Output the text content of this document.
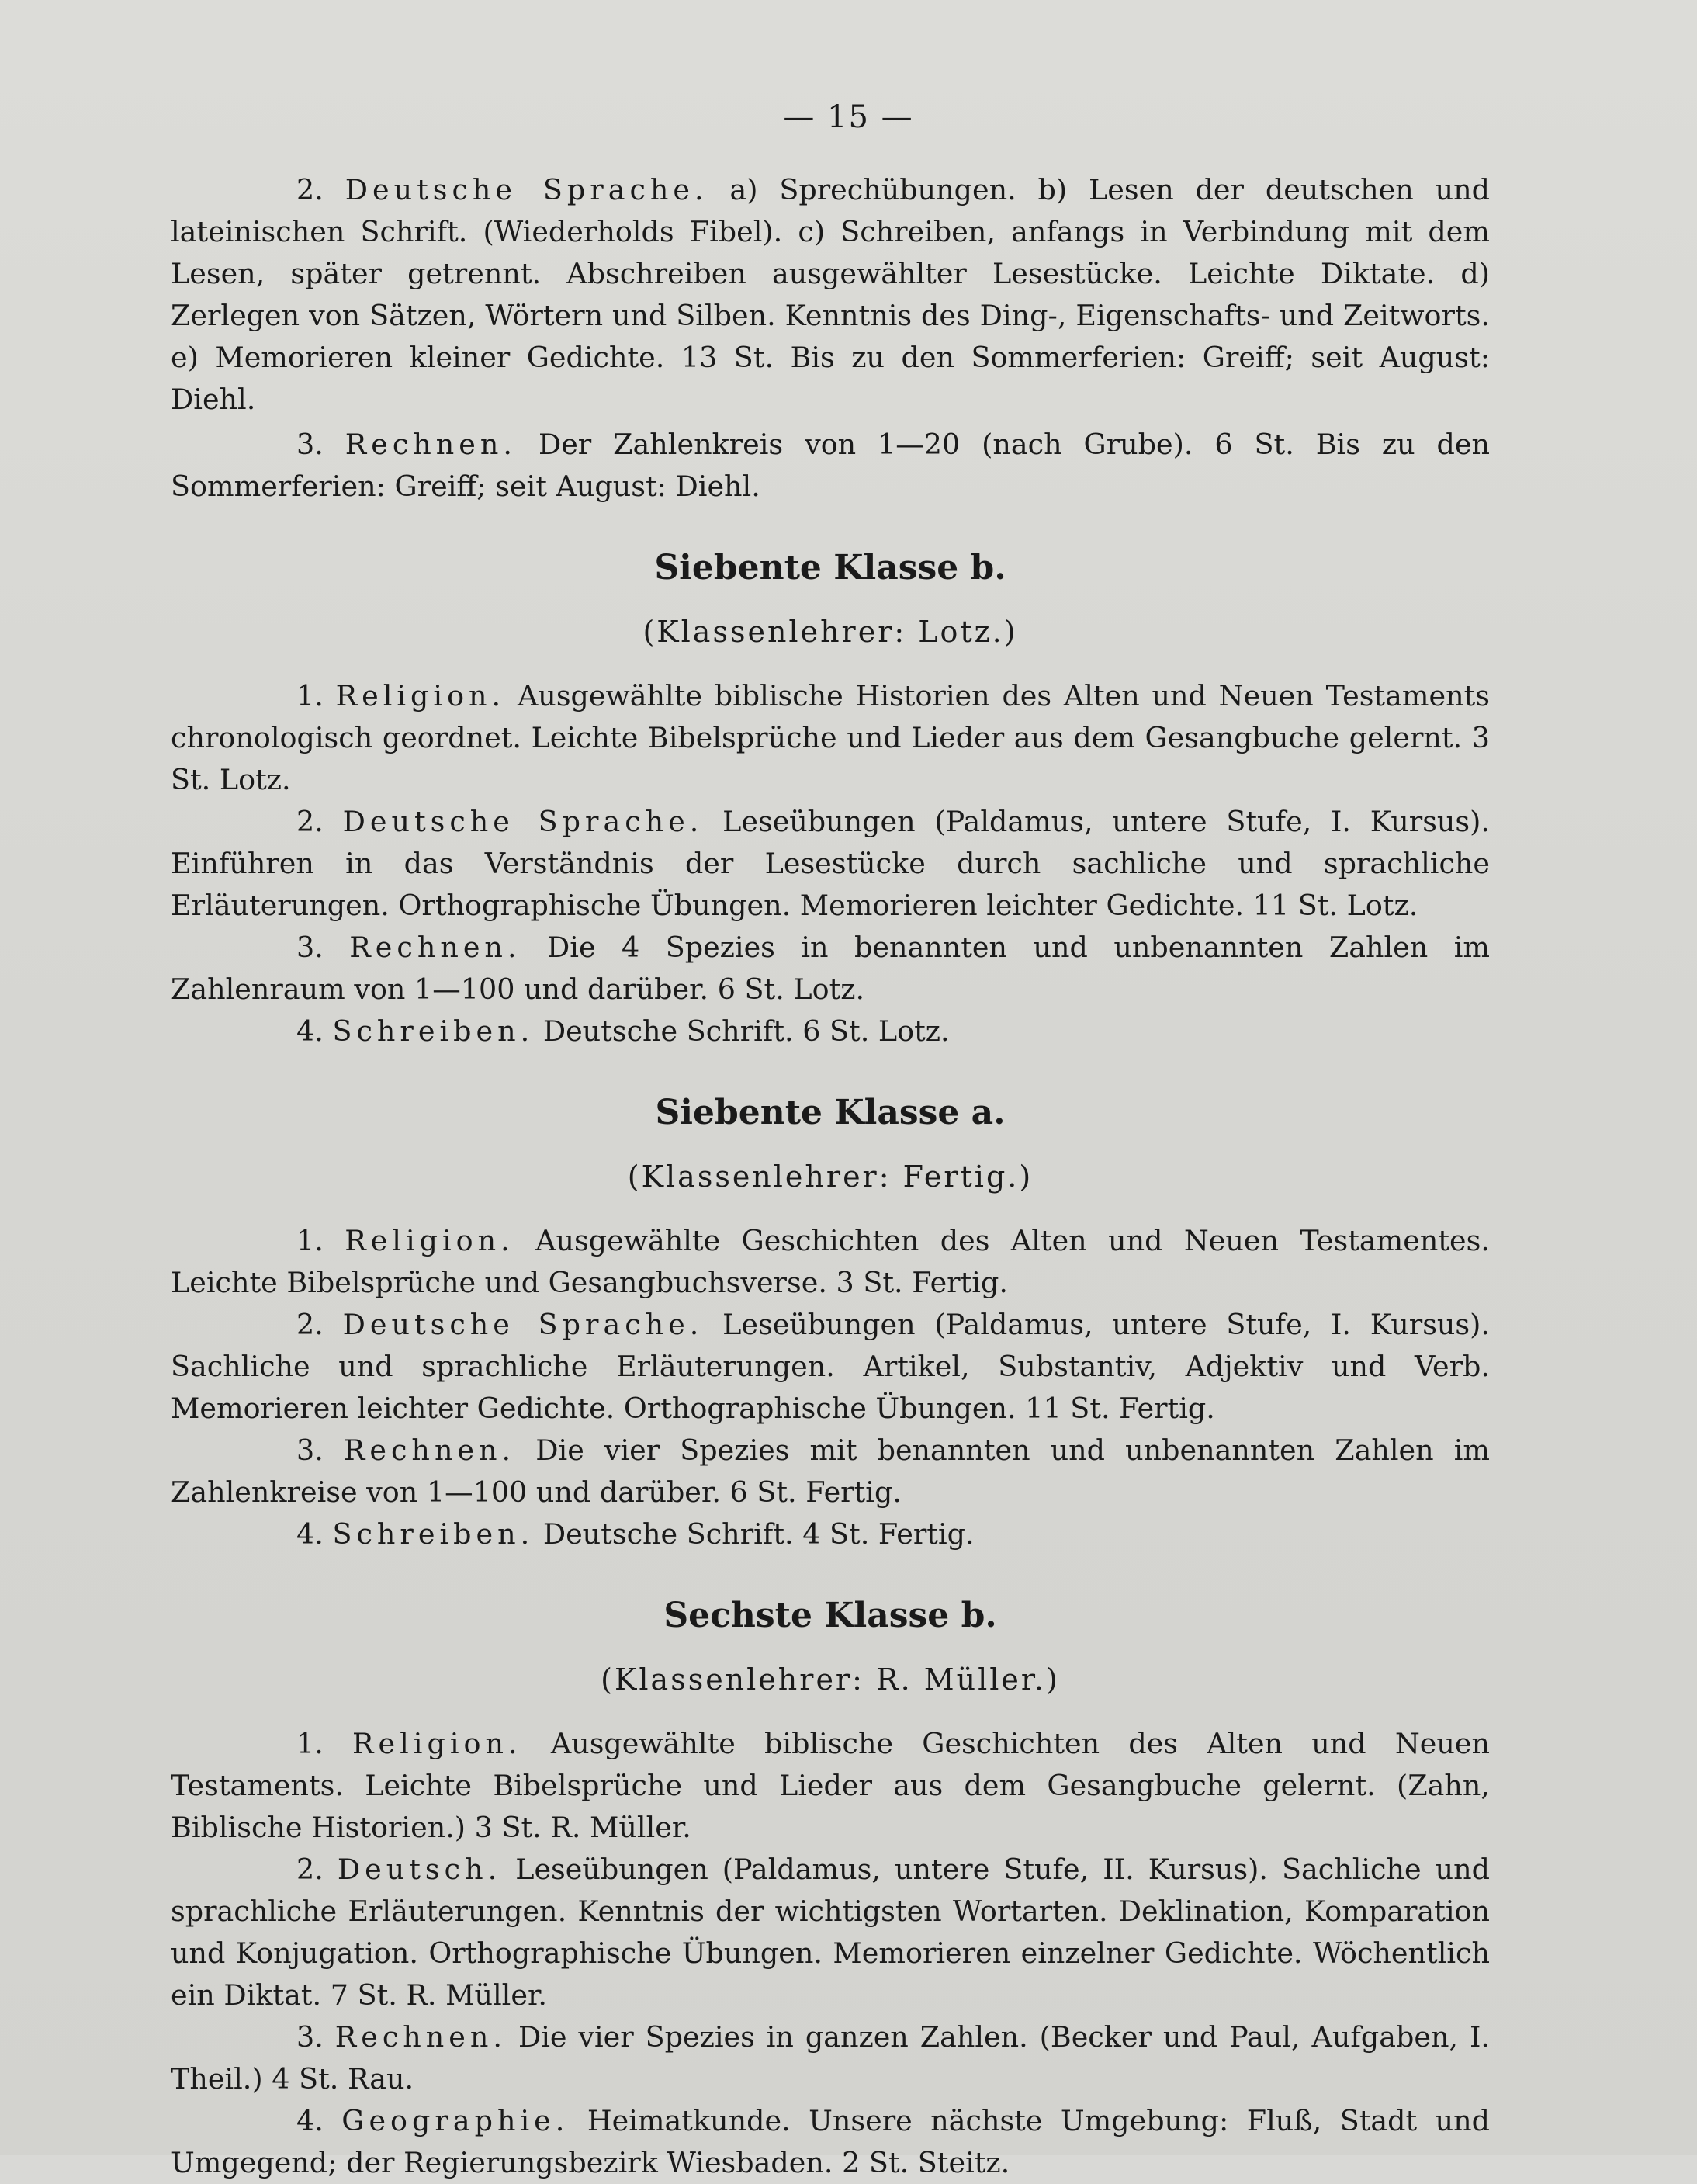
— 15 —

2. Deutsche Sprache. a) Sprechübungen. b) Lesen der deutschen und lateinischen Schrift. (Wiederholds Fibel). c) Schreiben, anfangs in Verbindung mit dem Lesen, später getrennt. Abschreiben ausgewählter Lesestücke. Leichte Diktate. d) Zerlegen von Sätzen, Wörtern und Silben. Kenntnis des Ding-, Eigenschafts- und Zeitworts. e) Memorieren kleiner Gedichte. 13 St. Bis zu den Sommerferien: Greiff; seit August: Diehl.

3. Rechnen. Der Zahlenkreis von 1—20 (nach Grube). 6 St. Bis zu den Sommerferien: Greiff; seit August: Diehl.

Siebente Klasse b.
(Klassenlehrer: Lotz.)

1. Religion. Ausgewählte biblische Historien des Alten und Neuen Testaments chronologisch geordnet. Leichte Bibelsprüche und Lieder aus dem Gesangbuche gelernt. 3 St. Lotz.

2. Deutsche Sprache. Leseübungen (Paldamus, untere Stufe, I. Kursus). Einführen in das Verständnis der Lesestücke durch sachliche und sprachliche Erläuterungen. Orthographische Übungen. Memorieren leichter Gedichte. 11 St. Lotz.

3. Rechnen. Die 4 Spezies in benannten und unbenannten Zahlen im Zahlenraum von 1—100 und darüber. 6 St. Lotz.

4. Schreiben. Deutsche Schrift. 6 St. Lotz.

Siebente Klasse a.
(Klassenlehrer: Fertig.)

1. Religion. Ausgewählte Geschichten des Alten und Neuen Testamentes. Leichte Bibelsprüche und Gesangbuchsverse. 3 St. Fertig.

2. Deutsche Sprache. Leseübungen (Paldamus, untere Stufe, I. Kursus). Sachliche und sprachliche Erläuterungen. Artikel, Substantiv, Adjektiv und Verb. Memorieren leichter Gedichte. Orthographische Übungen. 11 St. Fertig.

3. Rechnen. Die vier Spezies mit benannten und unbenannten Zahlen im Zahlenkreise von 1—100 und darüber. 6 St. Fertig.

4. Schreiben. Deutsche Schrift. 4 St. Fertig.

Sechste Klasse b.
(Klassenlehrer: R. Müller.)

1. Religion. Ausgewählte biblische Geschichten des Alten und Neuen Testaments. Leichte Bibelsprüche und Lieder aus dem Gesangbuche gelernt. (Zahn, Biblische Historien.) 3 St. R. Müller.

2. Deutsch. Leseübungen (Paldamus, untere Stufe, II. Kursus). Sachliche und sprachliche Erläuterungen. Kenntnis der wichtigsten Wortarten. Deklination, Komparation und Konjugation. Orthographische Übungen. Memorieren einzelner Gedichte. Wöchentlich ein Diktat. 7 St. R. Müller.

3. Rechnen. Die vier Spezies in ganzen Zahlen. (Becker und Paul, Aufgaben, I. Theil.) 4 St. Rau.

4. Geographie. Heimatkunde. Unsere nächste Umgebung: Fluß, Stadt und Umgegend; der Regierungsbezirk Wiesbaden. 2 St. Steitz.
